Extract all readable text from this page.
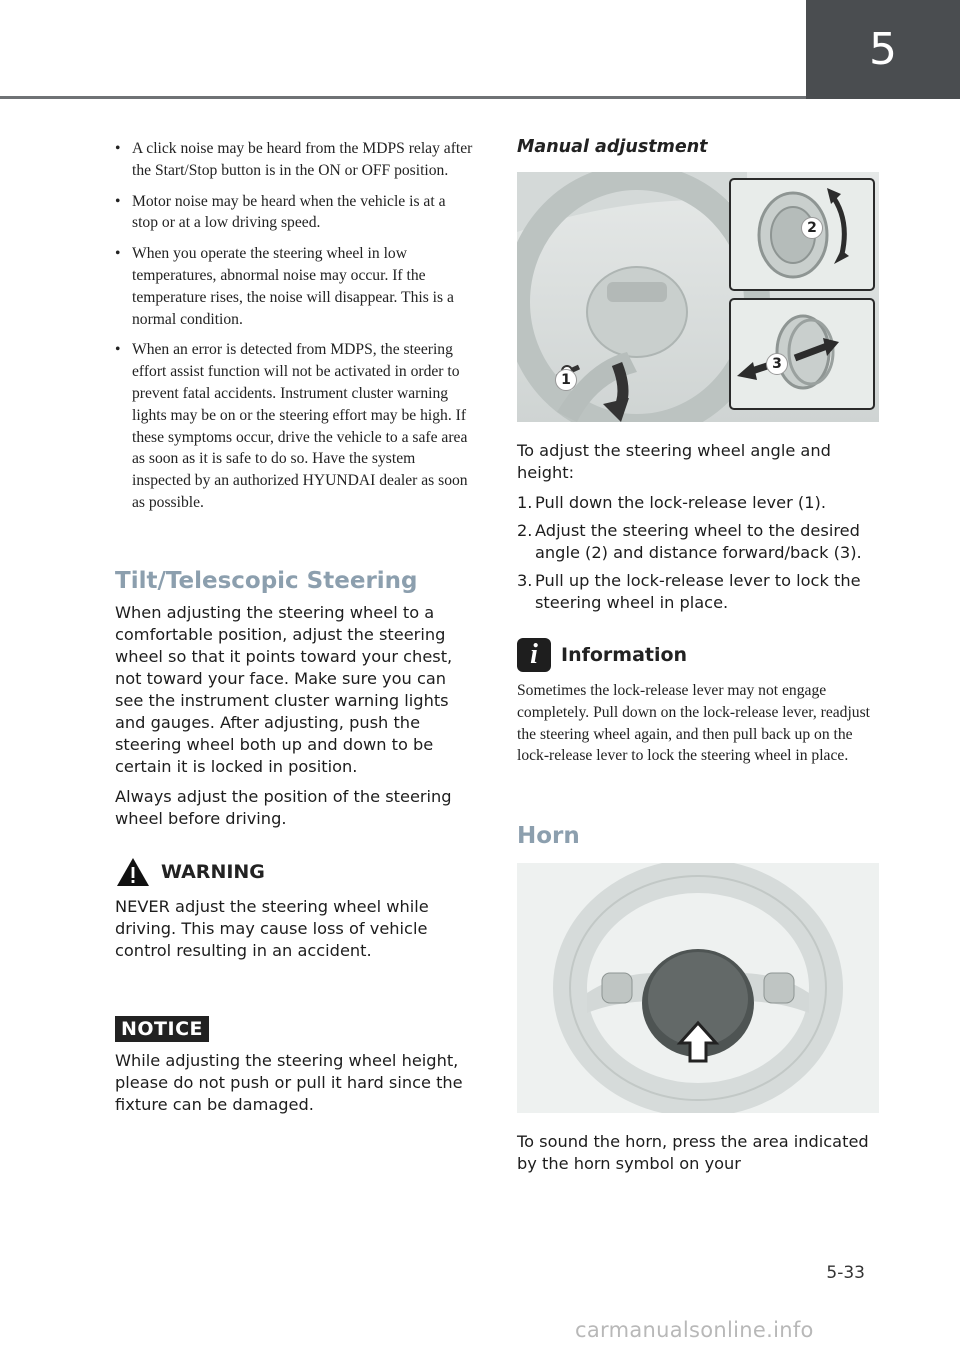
5
• A click noise may be heard from the MDPS relay after the Start/Stop button is in the ON or OFF position.
• Motor noise may be heard when the vehicle is at a stop or at a low driving speed.
• When you operate the steering wheel in low temperatures, abnormal noise may occur. If the temperature rises, the noise will disappear. This is a normal condition.
• When an error is detected from MDPS, the steering effort assist function will not be activated in order to prevent fatal accidents. Instrument cluster warning lights may be on or the steering effort may be high. If these symptoms occur, drive the vehicle to a safe area as soon as it is safe to do so. Have the system inspected by an authorized HYUNDAI dealer as soon as possible.
Tilt/Telescopic Steering

When adjusting the steering wheel to a comfortable position, adjust the steering wheel so that it points toward your chest, not toward your face. Make sure you can see the instrument cluster warning lights and gauges. After adjusting, push the steering wheel both up and down to be certain it is locked in position.

Always adjust the position of the steering wheel before driving.

WARNING

NEVER adjust the steering wheel while driving. This may cause loss of vehicle control resulting in an accident.

NOTICE

While adjusting the steering wheel height, please do not push or pull it hard since the fixture can be damaged.

Manual adjustment
1
2
3

To adjust the steering wheel angle and height:

1. Pull down the lock-release lever (1).
2. Adjust the steering wheel to the desired angle (2) and distance forward/back (3).
3. Pull up the lock-release lever to lock the steering wheel in place.
i	Information

Sometimes the lock-release lever may not engage completely. Pull down on the lock-release lever, readjust the steering wheel again, and then pull back up on the lock-release lever to lock the steering wheel in place.

Horn

To sound the horn, press the area indicated by the horn symbol on your

5-33
carmanualsonline.info
